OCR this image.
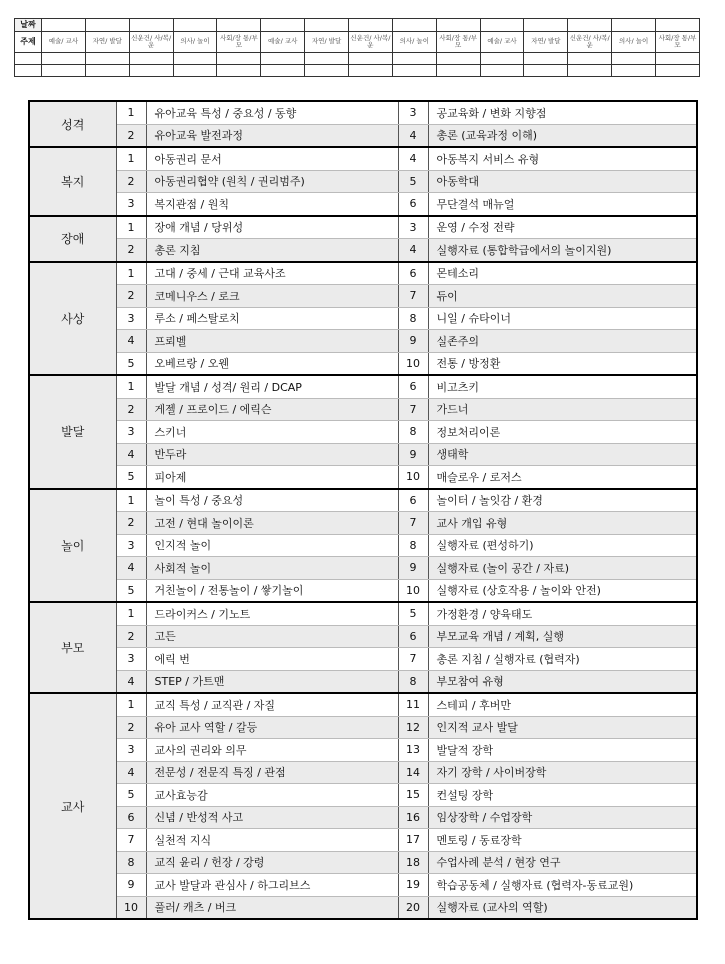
날짜															
주제	예술/ 교사	자연/ 발달	신운건/ 사/복/운	의사/ 놀이	사회/장 통/부모	예술/ 교사	자연/ 발달	신운건/ 사/복/운	의사/ 놀이	사회/장 통/부모	예술/ 교사	자연/ 발달	신운건/ 사/복/운	의사/ 놀이	사회/장 통/부모

성격	1	유아교육 특성 / 중요성 / 동향	3	공교육화 / 변화 지향점
	2	유아교육 발전과정	4	총론 (교육과정 이해)
복지	1	아동권리 문서	4	아동복지 서비스 유형
	2	아동권리협약 (원칙 / 권리범주)	5	아동학대
	3	복지관점 / 원칙	6	무단결석 매뉴얼
장애	1	장애 개념 / 당위성	3	운영 / 수정 전략
	2	총론 지침	4	실행자료 (통합학급에서의 놀이지원)
사상	1	고대 / 중세 / 근대 교육사조	6	몬테소리
	2	코메니우스 / 로크	7	듀이
	3	루소 / 페스탈로치	8	니일 / 슈타이너
	4	프뢰벨	9	실존주의
	5	오베르랑 / 오웬	10	전통 / 방정환
발달	1	발달 개념 / 성격/ 원리 / DCAP	6	비고츠키
	2	게젤 / 프로이드 / 에릭슨	7	가드너
	3	스키너	8	정보처리이론
	4	반두라	9	생태학
	5	피아제	10	매슬로우 / 로저스
놀이	1	놀이 특성 / 중요성	6	놀이터 / 놀잇감 / 환경
	2	고전 / 현대 놀이이론	7	교사 개입 유형
	3	인지적 놀이	8	실행자료 (편성하기)
	4	사회적 놀이	9	실행자료 (놀이 공간 / 자료)
	5	거친놀이 / 전통놀이 / 쌓기놀이	10	실행자료 (상호작용 / 놀이와 안전)
부모	1	드라이커스 / 기노트	5	가정환경 / 양육태도
	2	고든	6	부모교육 개념 / 계획, 실행
	3	에릭 번	7	총론 지침 / 실행자료 (협력자)
	4	STEP / 가트맨	8	부모참여 유형
교사	1	교직 특성 / 교직관 / 자질	11	스테피 / 후버만
	2	유아 교사 역할 / 갈등	12	인지적 교사 발달
	3	교사의 권리와 의무	13	발달적 장학
	4	전문성 / 전문직 특징 / 관점	14	자기 장학 / 사이버장학
	5	교사효능감	15	컨설팅 장학
	6	신념 / 반성적 사고	16	임상장학 / 수업장학
	7	실천적 지식	17	멘토링 / 동료장학
	8	교직 윤리 / 헌장 / 강령	18	수업사례 분석 / 현장 연구
	9	교사 발달과 관심사 / 하그리브스	19	학습공동체 / 실행자료 (협력자-동료교원)
	10	풀러/ 캐츠 / 버크	20	실행자료 (교사의 역할)
